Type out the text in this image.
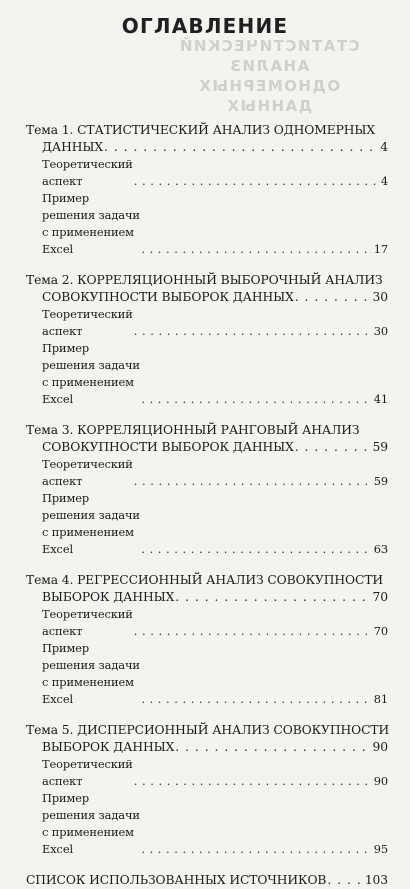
СТАТИСТИЧЕСКИЙ АНАЛИЗ
ОДНОМЕРНЫХ ДАННЫХ
ОГЛАВЛЕНИЕ
Тема 1. СТАТИСТИЧЕСКИЙ АНАЛИЗ ОДНОМЕРНЫХ
ДАННЫХ . . .	4
Теоретический аспект . . .	4
Пример решения задачи с применением Excel . . .	17
Тема 2. КОРРЕЛЯЦИОННЫЙ ВЫБОРОЧНЫЙ АНАЛИЗ
СОВОКУПНОСТИ ВЫБОРОК ДАННЫХ . . .	30
Теоретический аспект . . .	30
Пример решения задачи с применением Excel . . .	41
Тема 3. КОРРЕЛЯЦИОННЫЙ РАНГОВЫЙ АНАЛИЗ
СОВОКУПНОСТИ ВЫБОРОК ДАННЫХ . . .	59
Теоретический аспект . . .	59
Пример решения задачи с применением Excel . . .	63
Тема 4. РЕГРЕССИОННЫЙ АНАЛИЗ СОВОКУПНОСТИ
ВЫБОРОК ДАННЫХ . . .	70
Теоретический аспект . . .	70
Пример решения задачи с применением Excel . . .	81
Тема 5. ДИСПЕРСИОННЫЙ АНАЛИЗ СОВОКУПНОСТИ
ВЫБОРОК ДАННЫХ . . .	90
Теоретический аспект . . .	90
Пример решения задачи с применением Excel . . .	95
СПИСОК ИСПОЛЬЗОВАННЫХ ИСТОЧНИКОВ . . .	103
